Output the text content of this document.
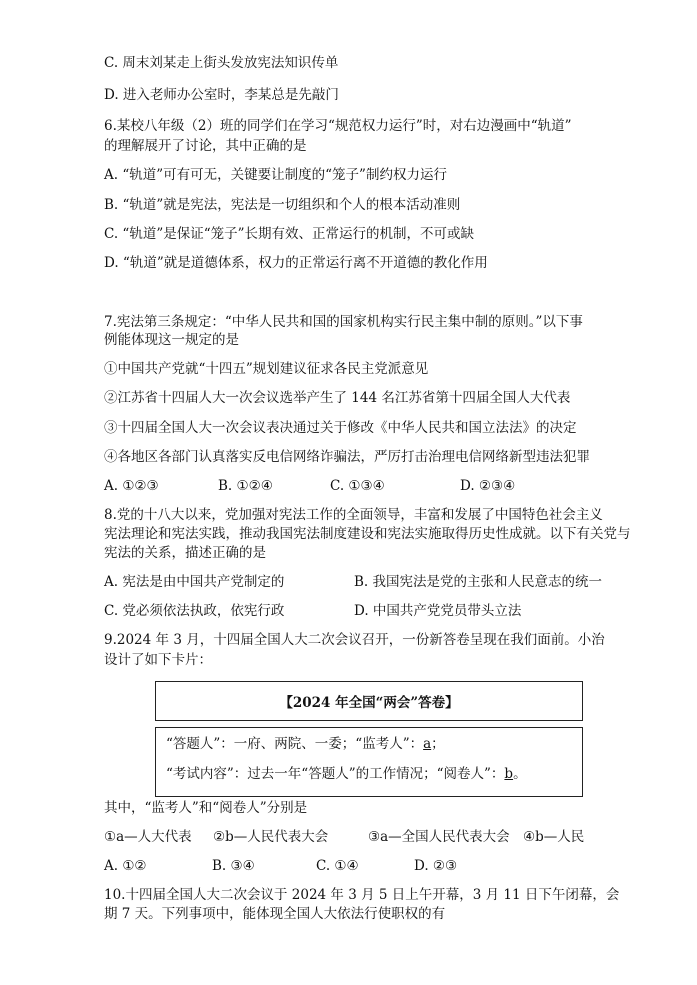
C. 周末刘某走上街头发放宪法知识传单
D. 进入老师办公室时，李某总是先敲门
6.某校八年级（2）班的同学们在学习“规范权力运行”时，对右边漫画中“轨道”
的理解展开了讨论，其中正确的是
A. “轨道”可有可无，关键要让制度的“笼子”制约权力运行
B. “轨道”就是宪法，宪法是一切组织和个人的根本活动准则
C. “轨道”是保证“笼子”长期有效、正常运行的机制，不可或缺
D. “轨道”就是道德体系，权力的正常运行离不开道德的教化作用
7.宪法第三条规定：“中华人民共和国的国家机构实行民主集中制的原则。”以下事
例能体现这一规定的是
①中国共产党就“十四五”规划建议征求各民主党派意见
②江苏省十四届人大一次会议选举产生了 144 名江苏省第十四届全国人大代表
③十四届全国人大一次会议表决通过关于修改《中华人民共和国立法法》的决定
④各地区各部门认真落实反电信网络诈骗法，严厉打击治理电信网络新型违法犯罪
A. ①②③	B. ①②④	C. ①③④	D. ②③④
8.党的十八大以来，党加强对宪法工作的全面领导，丰富和发展了中国特色社会主义
宪法理论和宪法实践，推动我国宪法制度建设和宪法实施取得历史性成就。以下有关党与
宪法的关系，描述正确的是
A. 宪法是由中国共产党制定的	B. 我国宪法是党的主张和人民意志的统一
C. 党必须依法执政，依宪行政	D. 中国共产党党员带头立法
9.2024 年 3 月，十四届全国人大二次会议召开，一份新答卷呈现在我们面前。小治
设计了如下卡片：
【2024 年全国“两会”答卷】
“答题人”：一府、两院、一委；“监考人”：a；
“考试内容”：过去一年“答题人”的工作情况；“阅卷人”：b。
其中，“监考人”和“阅卷人”分别是
①a—人大代表 ②b—人民代表大会	③a—全国人民代表大会 ④b—人民
A. ①②	B. ③④	C. ①④	D. ②③
10.十四届全国人大二次会议于 2024 年 3 月 5 日上午开幕，3 月 11 日下午闭幕，会
期 7 天。下列事项中，能体现全国人大依法行使职权的有
